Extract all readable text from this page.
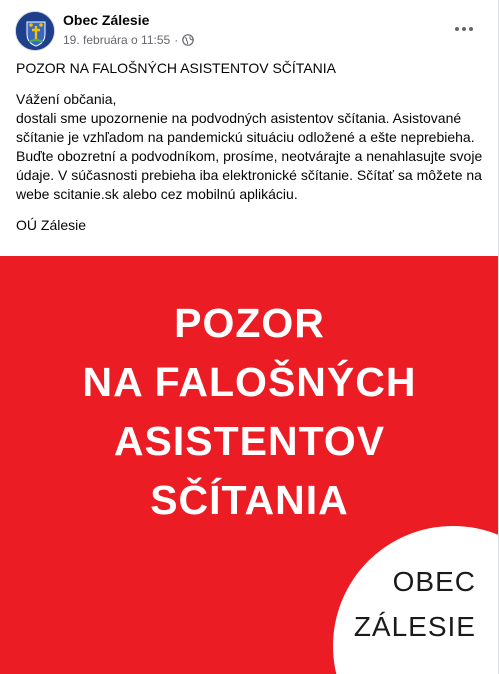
Obec Zálesie
19. februára o 11:55 ·

POZOR NA FALOŠNÝCH ASISTENTOV SČÍTANIA

Vážení občania,
dostali sme upozornenie na podvodných asistentov sčítania. Asistované sčítanie je vzhľadom na pandemickú situáciu odložené a ešte neprebieha. Buďte obozretní a podvodníkom, prosíme, neotvárajte a nenahlasujte svoje údaje. V súčasnosti prebieha iba elektronické sčítanie. Sčítať sa môžete na webe scitanie.sk alebo cez mobilnú aplikáciu.

OÚ Zálesie

POZOR
NA FALOŠNÝCH
ASISTENTOV
SČÍTANIA
OBEC
ZÁLESIE
